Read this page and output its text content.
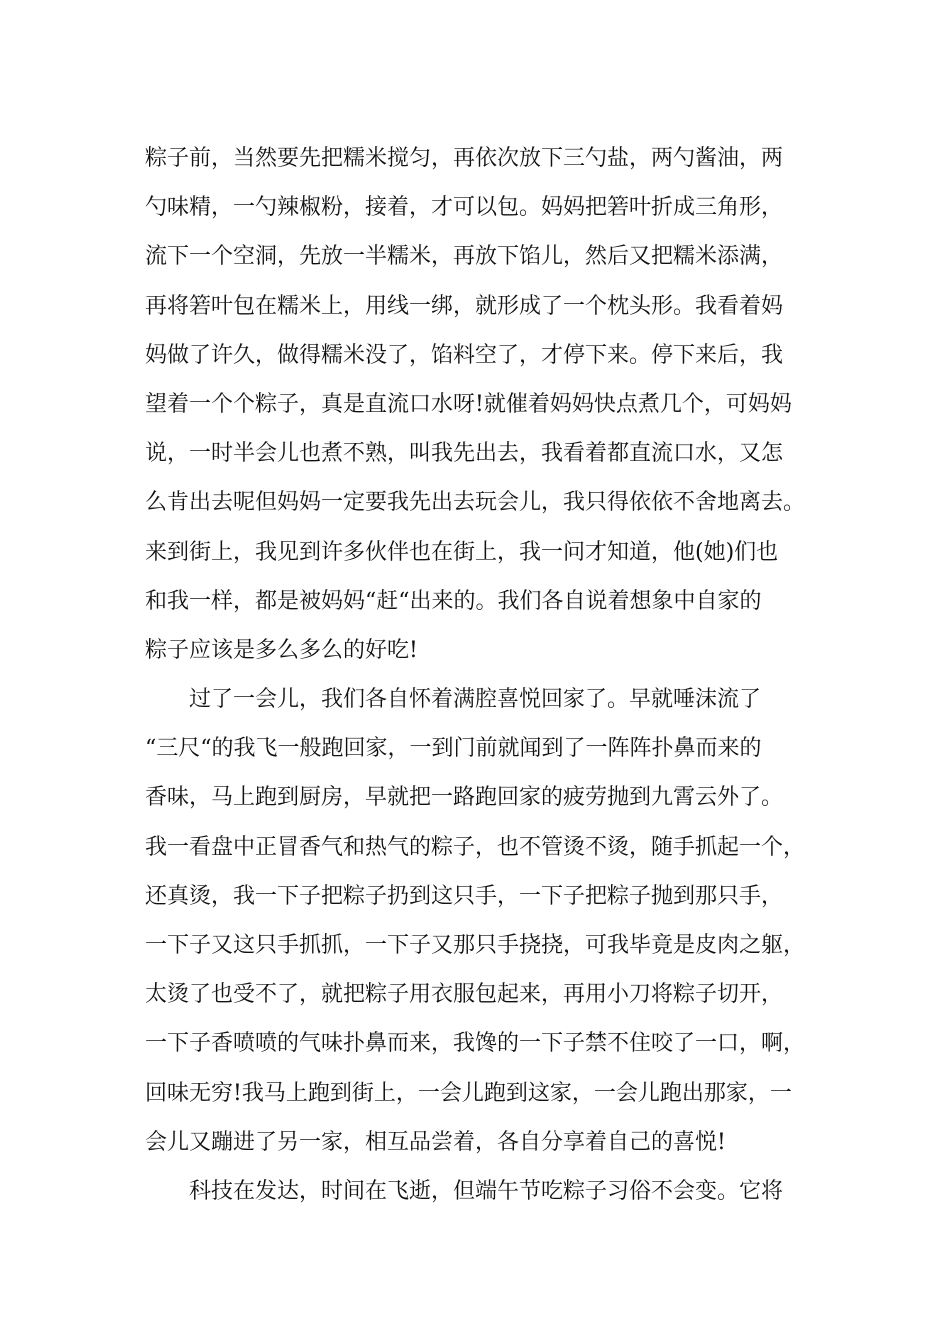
粽子前，当然要先把糯米搅匀，再依次放下三勺盐，两勺酱油，两
勺味精，一勺辣椒粉，接着，才可以包。妈妈把箬叶折成三角形，
流下一个空洞，先放一半糯米，再放下馅儿，然后又把糯米添满，
再将箬叶包在糯米上，用线一绑，就形成了一个枕头形。我看着妈
妈做了许久，做得糯米没了，馅料空了，才停下来。停下来后，我
望着一个个粽子，真是直流口水呀!就催着妈妈快点煮几个，可妈妈
说，一时半会儿也煮不熟，叫我先出去，我看着都直流口水，又怎
么肯出去呢但妈妈一定要我先出去玩会儿，我只得依依不舍地离去。
来到街上，我见到许多伙伴也在街上，我一问才知道，他(她)们也
和我一样，都是被妈妈“赶“出来的。我们各自说着想象中自家的
粽子应该是多么多么的好吃!
过了一会儿，我们各自怀着满腔喜悦回家了。早就唾沫流了
“三尺“的我飞一般跑回家，一到门前就闻到了一阵阵扑鼻而来的
香味，马上跑到厨房，早就把一路跑回家的疲劳抛到九霄云外了。
我一看盘中正冒香气和热气的粽子，也不管烫不烫，随手抓起一个，
还真烫，我一下子把粽子扔到这只手，一下子把粽子抛到那只手，
一下子又这只手抓抓，一下子又那只手挠挠，可我毕竟是皮肉之躯，
太烫了也受不了，就把粽子用衣服包起来，再用小刀将粽子切开，
一下子香喷喷的气味扑鼻而来，我馋的一下子禁不住咬了一口，啊，
回味无穷!我马上跑到街上，一会儿跑到这家，一会儿跑出那家，一
会儿又蹦进了另一家，相互品尝着，各自分享着自己的喜悦!
科技在发达，时间在飞逝，但端午节吃粽子习俗不会变。它将
